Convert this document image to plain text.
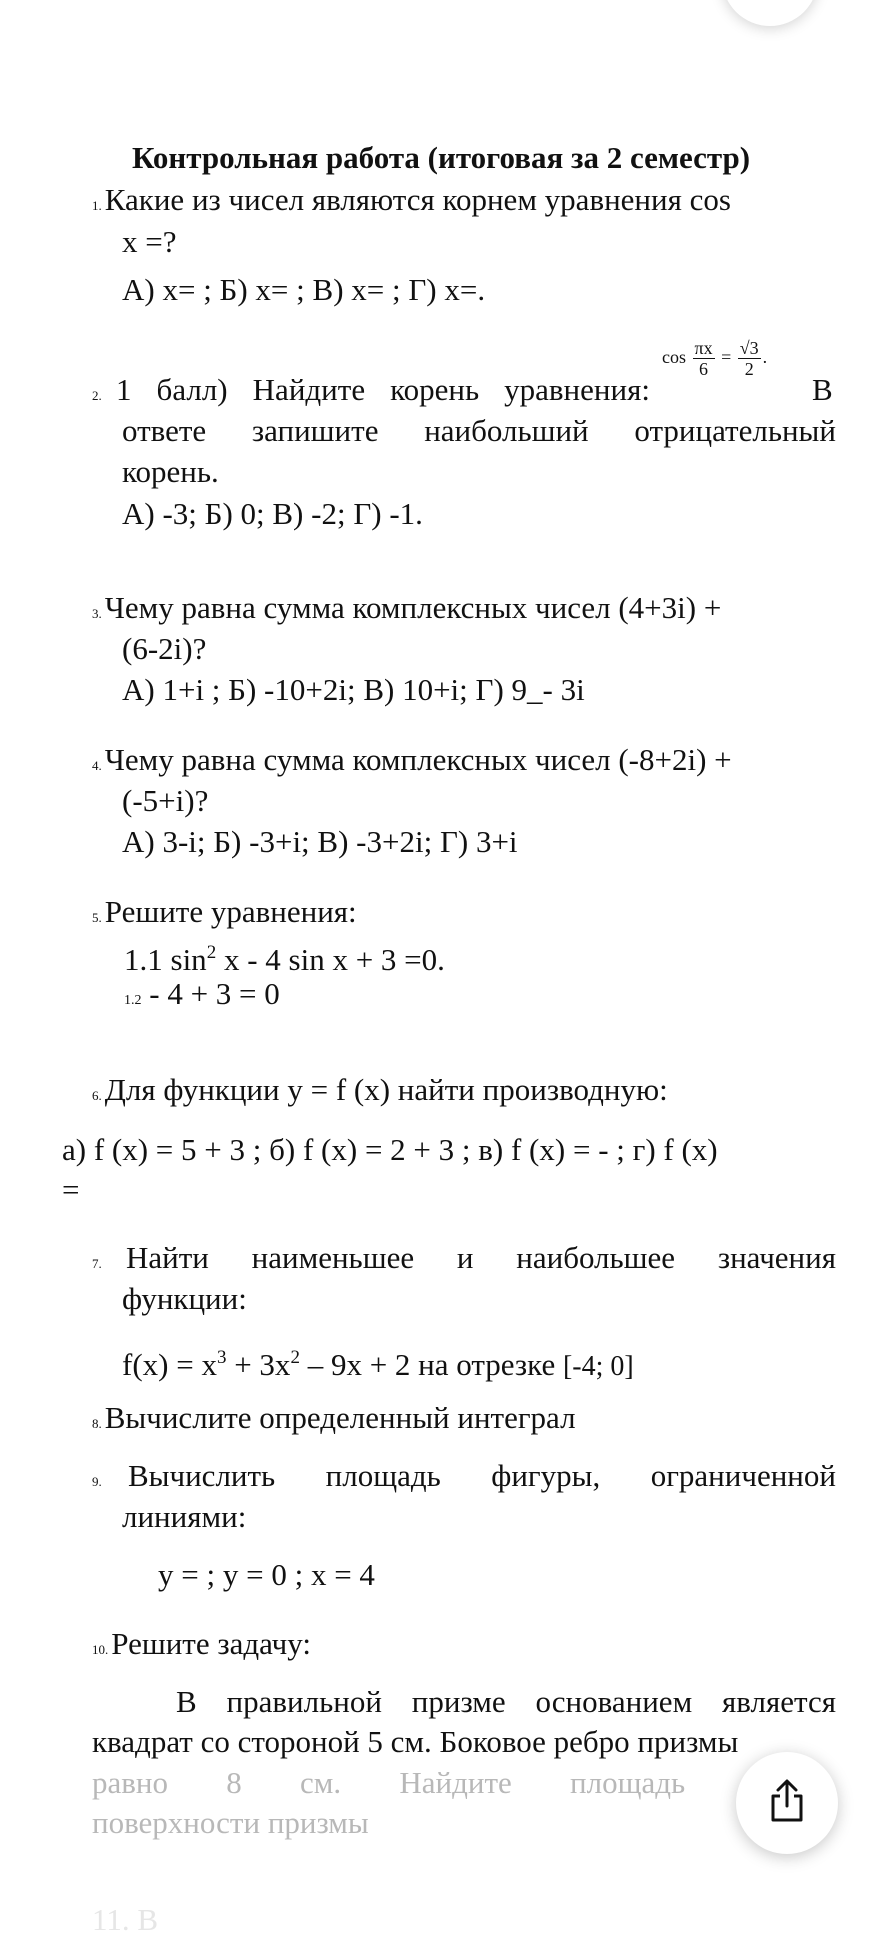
Контрольная работа (итоговая за 2 семестр)
1.Какие из чисел являются корнем уравнения cos
x =?
А) x= ; Б) x= ; В) x= ; Г) x=.
$\cos \frac{\pi x}{6} = \frac{√3}{2}$ .
2. 1 балл) Найдите корень уравнения:	В
ответе запишите наибольший отрицательный
корень.
А) -3; Б) 0; В) -2; Г) -1.
3.Чему равна сумма комплексных чисел (4+3i) +
(6-2i)?
А) 1+i ; Б) -10+2i; В) 10+i; Г) 9_- 3i
4.Чему равна сумма комплексных чисел (-8+2i) +
(-5+i)?
А) 3-i; Б) -3+i; В) -3+2i; Г) 3+i
5.Решите уравнения:
1.1 $\sin^2 x - 4$ sin x + 3 =0.
1.2 - 4 + 3 = 0
6.Для функции y = f (x) найти производную:
а) f (x) = 5 + 3 ; б) f (x) = 2 + 3 ; в) f (x) = - ; г) f (x)
=
7. Найти наименьшее и наибольшее значения
функции:
$f(x) = x^3 + 3x^2 - 9x + 2$ на отрезке [-4; 0]
8.Вычислите определенный интеграл
9. Вычислить площадь фигуры, ограниченной
линиями:
y = ; y = 0 ; x = 4
10.Решите задачу:
В правильной призме основанием является
квадрат со стороной 5 см. Боковое ребро призмы
равно 8 см. Найдите площадь
поверхности призмы
11. В
